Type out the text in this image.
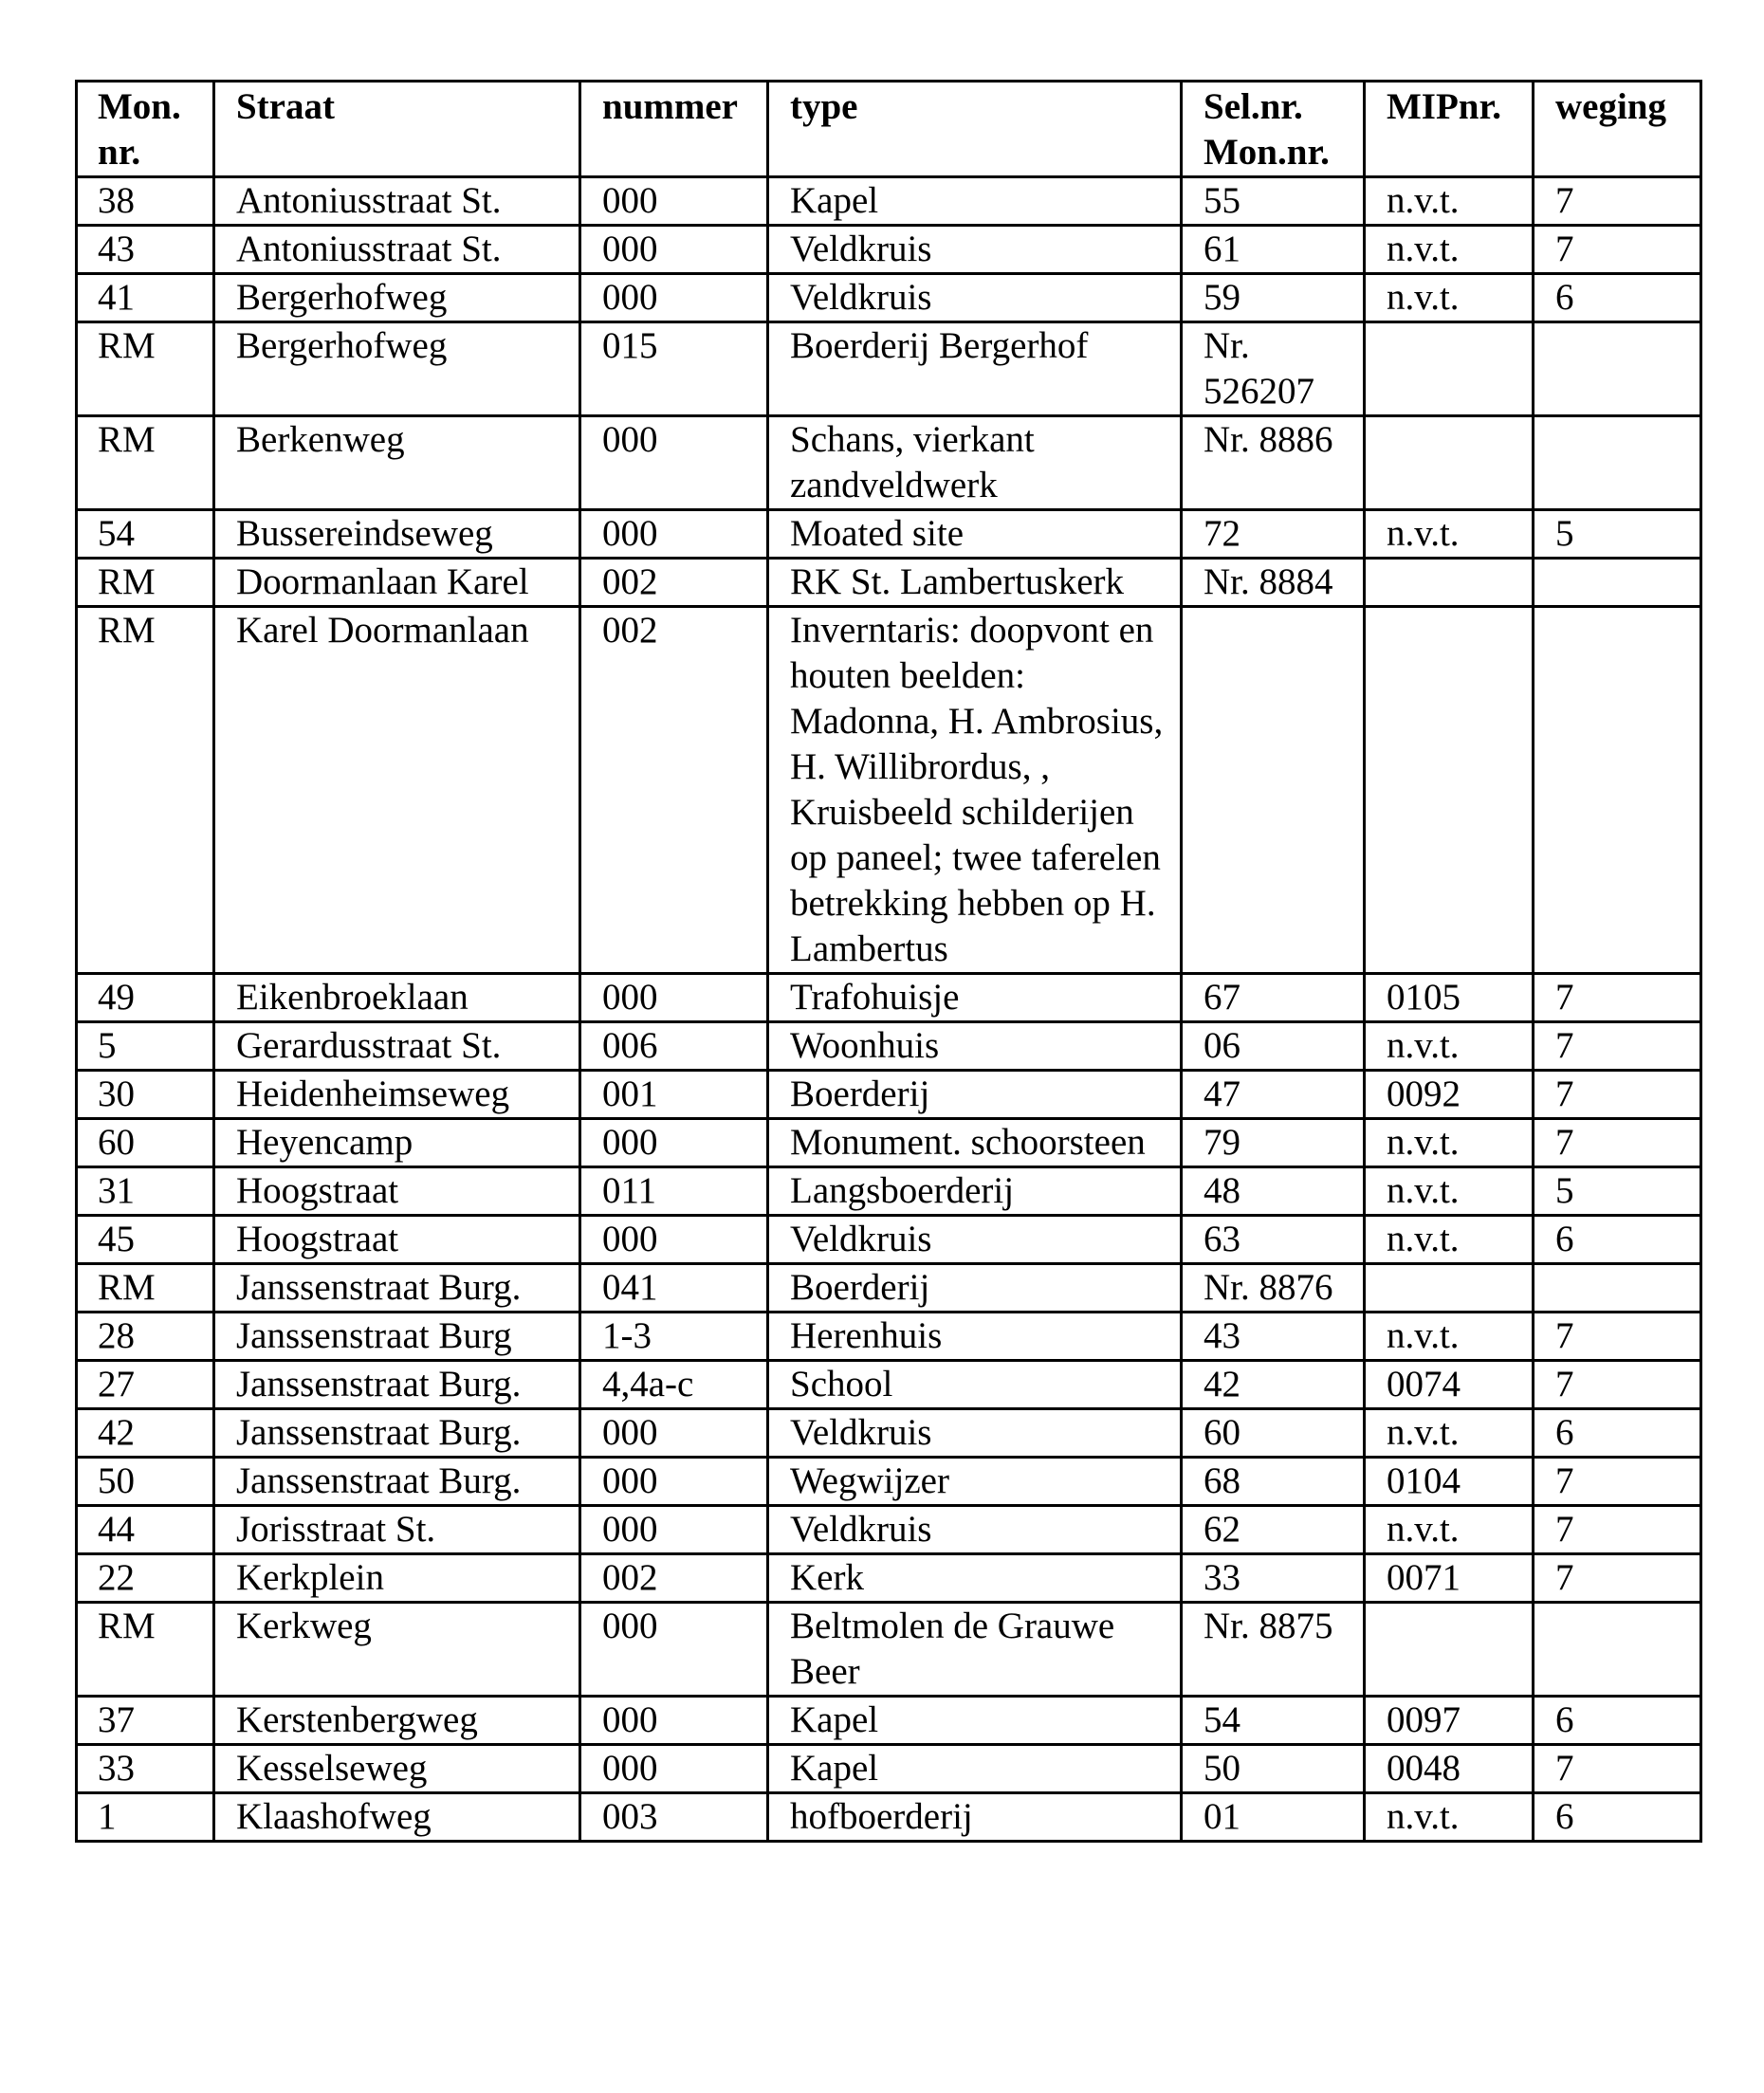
Mon. nr.	Straat	nummer	type	Sel.nr. Mon.nr.	MIPnr.	weging
38	Antoniusstraat St.	000	Kapel	55	n.v.t.	7
43	Antoniusstraat St.	000	Veldkruis	61	n.v.t.	7
41	Bergerhofweg	000	Veldkruis	59	n.v.t.	6
RM	Bergerhofweg	015	Boerderij Bergerhof	Nr. 526207		
RM	Berkenweg	000	Schans, vierkant zandveldwerk	Nr. 8886		
54	Bussereindseweg	000	Moated site	72	n.v.t.	5
RM	Doormanlaan Karel	002	RK St. Lambertuskerk	Nr. 8884		
RM	Karel Doormanlaan	002	Inverntaris: doopvont en houten beelden: Madonna, H. Ambrosius, H. Willibrordus, , Kruisbeeld schilderijen op paneel; twee taferelen betrekking hebben op H. Lambertus			
49	Eikenbroeklaan	000	Trafohuisje	67	0105	7
5	Gerardusstraat St.	006	Woonhuis	06	n.v.t.	7
30	Heidenheimseweg	001	Boerderij	47	0092	7
60	Heyencamp	000	Monument. schoorsteen	79	n.v.t.	7
31	Hoogstraat	011	Langsboerderij	48	n.v.t.	5
45	Hoogstraat	000	Veldkruis	63	n.v.t.	6
RM	Janssenstraat Burg.	041	Boerderij	Nr. 8876		
28	Janssenstraat Burg	1-3	Herenhuis	43	n.v.t.	7
27	Janssenstraat Burg.	4,4a-c	School	42	0074	7
42	Janssenstraat Burg.	000	Veldkruis	60	n.v.t.	6
50	Janssenstraat Burg.	000	Wegwijzer	68	0104	7
44	Jorisstraat St.	000	Veldkruis	62	n.v.t.	7
22	Kerkplein	002	Kerk	33	0071	7
RM	Kerkweg	000	Beltmolen de Grauwe Beer	Nr. 8875		
37	Kerstenbergweg	000	Kapel	54	0097	6
33	Kesselseweg	000	Kapel	50	0048	7
1	Klaashofweg	003	hofboerderij	01	n.v.t.	6
